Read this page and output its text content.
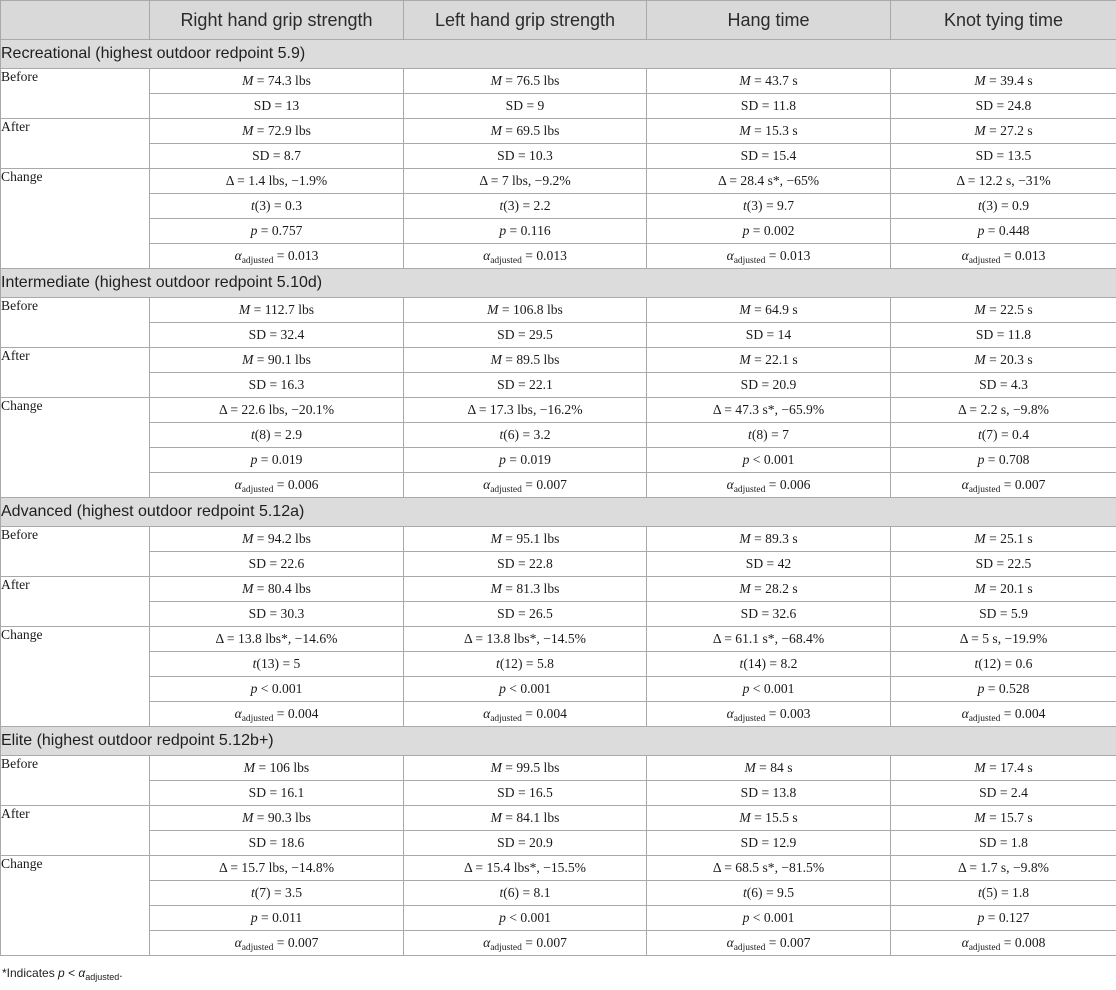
	Right hand grip strength	Left hand grip strength	Hang time	Knot tying time
Recreational (highest outdoor redpoint 5.9)				
Before	M = 74.3 lbs	M = 76.5 lbs	M = 43.7 s	M = 39.4 s
	SD = 13	SD = 9	SD = 11.8	SD = 24.8
After	M = 72.9 lbs	M = 69.5 lbs	M = 15.3 s	M = 27.2 s
	SD = 8.7	SD = 10.3	SD = 15.4	SD = 13.5
Change	Δ = 1.4 lbs, −1.9%	Δ = 7 lbs, −9.2%	Δ = 28.4 s*, −65%	Δ = 12.2 s, −31%
	t(3) = 0.3	t(3) = 2.2	t(3) = 9.7	t(3) = 0.9
	p = 0.757	p = 0.116	p = 0.002	p = 0.448
	$\alpha_{adjusted} = 0.013$	$\alpha_{adjusted} = 0.013$	$\alpha_{adjusted} = 0.013$	$\alpha_{adjusted} = 0.013$
Intermediate (highest outdoor redpoint 5.10d)				
Before	M = 112.7 lbs	M = 106.8 lbs	M = 64.9 s	M = 22.5 s
	SD = 32.4	SD = 29.5	SD = 14	SD = 11.8
After	M = 90.1 lbs	M = 89.5 lbs	M = 22.1 s	M = 20.3 s
	SD = 16.3	SD = 22.1	SD = 20.9	SD = 4.3
Change	Δ = 22.6 lbs, −20.1%	Δ = 17.3 lbs, −16.2%	Δ = 47.3 s*, −65.9%	Δ = 2.2 s, −9.8%
	t(8) = 2.9	t(6) = 3.2	t(8) = 7	t(7) = 0.4
	p = 0.019	p = 0.019	p < 0.001	p = 0.708
	$\alpha_{adjusted} = 0.006$	$\alpha_{adjusted} = 0.007$	$\alpha_{adjusted} = 0.006$	$\alpha_{adjusted} = 0.007$
Advanced (highest outdoor redpoint 5.12a)				
Before	M = 94.2 lbs	M = 95.1 lbs	M = 89.3 s	M = 25.1 s
	SD = 22.6	SD = 22.8	SD = 42	SD = 22.5
After	M = 80.4 lbs	M = 81.3 lbs	M = 28.2 s	M = 20.1 s
	SD = 30.3	SD = 26.5	SD = 32.6	SD = 5.9
Change	Δ = 13.8 lbs*, −14.6%	Δ = 13.8 lbs*, −14.5%	Δ = 61.1 s*, −68.4%	Δ = 5 s, −19.9%
	t(13) = 5	t(12) = 5.8	t(14) = 8.2	t(12) = 0.6
	p < 0.001	p < 0.001	p < 0.001	p = 0.528
	$\alpha_{adjusted} = 0.004$	$\alpha_{adjusted} = 0.004$	$\alpha_{adjusted} = 0.003$	$\alpha_{adjusted} = 0.004$
Elite (highest outdoor redpoint 5.12b+)				
Before	M = 106 lbs	M = 99.5 lbs	M = 84 s	M = 17.4 s
	SD = 16.1	SD = 16.5	SD = 13.8	SD = 2.4
After	M = 90.3 lbs	M = 84.1 lbs	M = 15.5 s	M = 15.7 s
	SD = 18.6	SD = 20.9	SD = 12.9	SD = 1.8
Change	Δ = 15.7 lbs, −14.8%	Δ = 15.4 lbs*, −15.5%	Δ = 68.5 s*, −81.5%	Δ = 1.7 s, −9.8%
	t(7) = 3.5	t(6) = 8.1	t(6) = 9.5	t(5) = 1.8
	p = 0.011	p < 0.001	p < 0.001	p = 0.127
	$\alpha_{adjusted} = 0.007$	$\alpha_{adjusted} = 0.007$	$\alpha_{adjusted} = 0.007$	$\alpha_{adjusted} = 0.008$
*Indicates $p < \alpha_{adjusted}$.
